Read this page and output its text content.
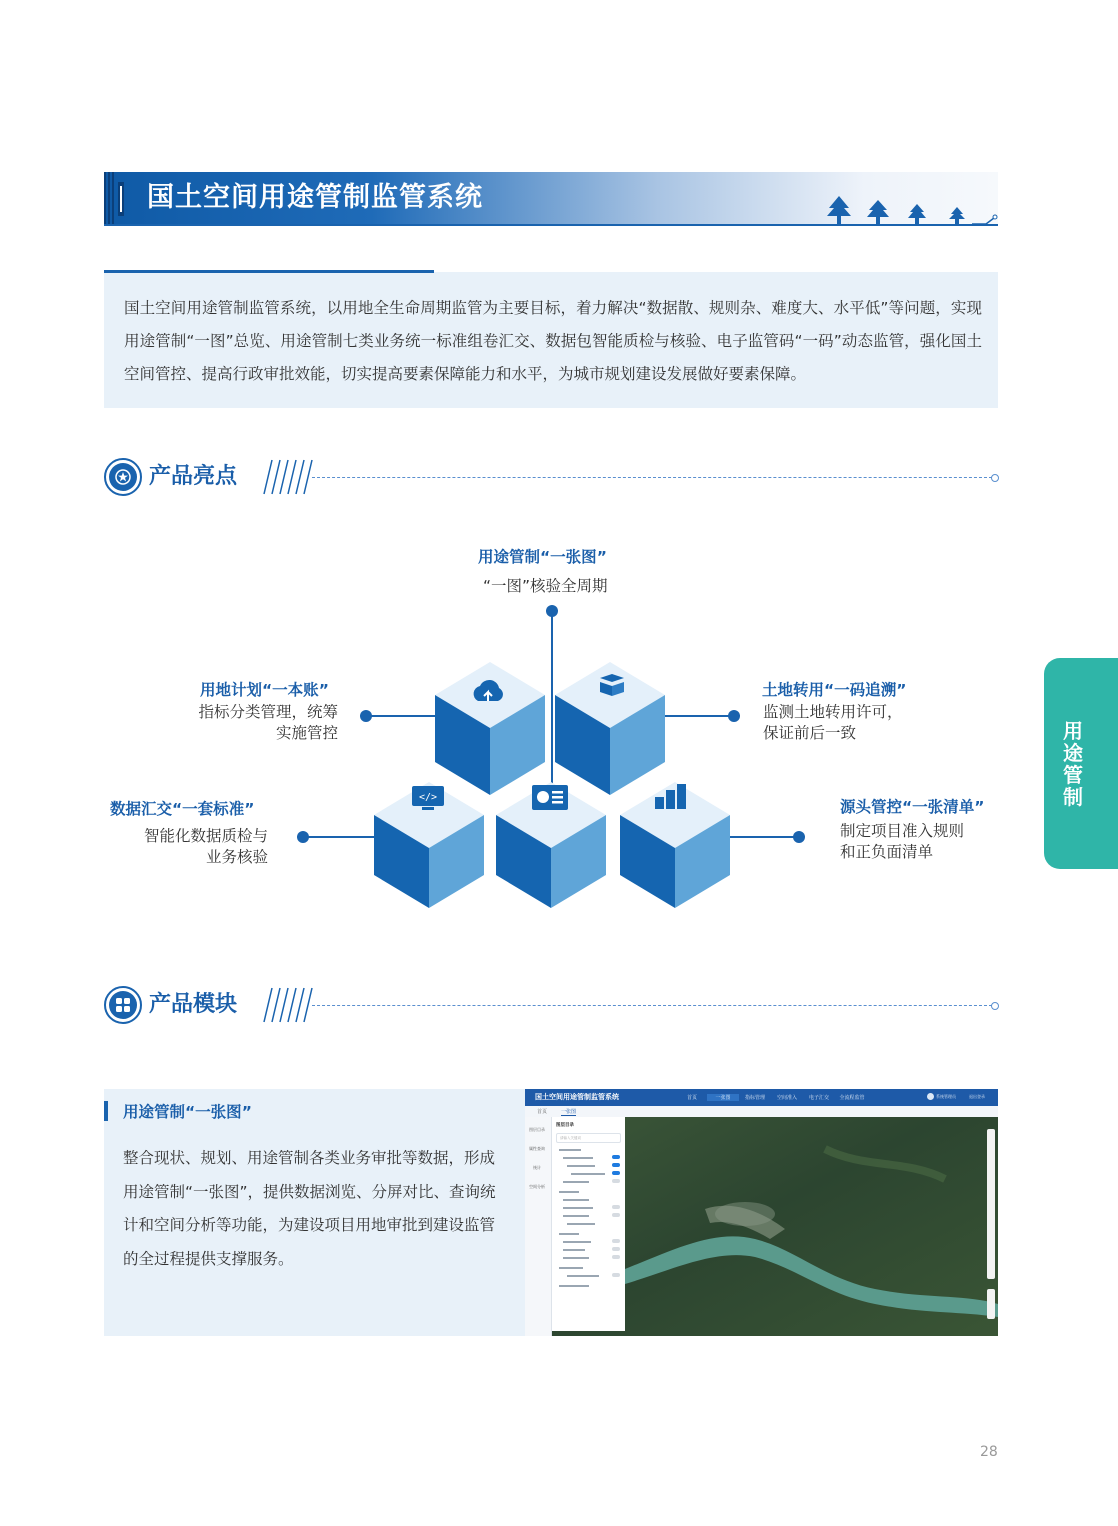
国土空间用途管制监管系统
国土空间用途管制监管系统，以用地全生命周期监管为主要目标，着力解决“数据散、规则杂、难度大、水平低”等问题，实现用途管制“一图”总览、用途管制七类业务统一标准组卷汇交、数据包智能质检与核验、电子监管码“一码”动态监管，强化国土空间管控、提高行政审批效能，切实提高要素保障能力和水平，为城市规划建设发展做好要素保障。
产品亮点
</>
用途管制“一张图”
“一图”核验全周期
用地计划“一本账”
指标分类管理，统筹
实施管控
土地转用“一码追溯”
监测土地转用许可，
保证前后一致
数据汇交“一套标准”
智能化数据质检与
业务核验
源头管控“一张清单”
制定项目准入规则
和正负面清单
用途管制
产品模块
用途管制“一张图”
整合现状、规划、用途管制各类业务审批等数据，形成用途管制“一张图”，提供数据浏览、分屏对比、查询统计和空间分析等功能，为建设项目用地审批到建设监管的全过程提供支撑服务。
国土空间用途管制监管系统	首页	一张图	指标管理	空间准入	电子汇交	全流程监管	系统管理员	退出登录
首页	一张图
图层目录
属性查询
统计
空间分析
图层目录
请输入关键词
28
